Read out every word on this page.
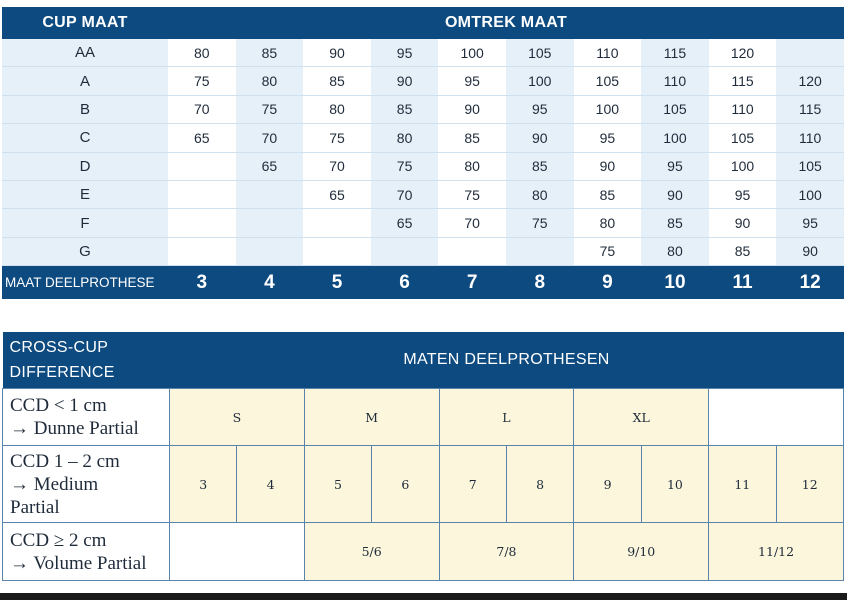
CUP MAAT	OMTREK MAAT									
AA	80	85	90	95	100	105	110	115	120	
A	75	80	85	90	95	100	105	110	115	120
B	70	75	80	85	90	95	100	105	110	115
C	65	70	75	80	85	90	95	100	105	110
D		65	70	75	80	85	90	95	100	105
E			65	70	75	80	85	90	95	100
F				65	70	75	80	85	90	95
G							75	80	85	90
MAAT DEELPROTHESE	3	4	5	6	7	8	9	10	11	12
CROSS-CUP
DIFFERENCE	MATEN DEELPROTHESEN									

CCD < 1 cm
→ Dunne Partial	S		M		L		XL			

CCD 1 – 2 cm
→ Medium
Partial	3	4	5	6	7	8	9	10	11	12

CCD ≥ 2 cm
→ Volume Partial			5/6		7/8		9/10		11/12	
